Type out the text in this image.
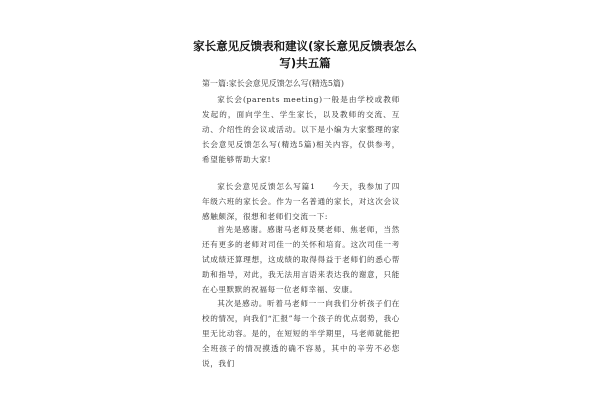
家长意见反馈表和建议(家长意见反馈表怎么写)共五篇

第一篇:家长会意见反馈怎么写(精选5篇)

家长会(parents meeting)一般是由学校或教师发起的，面向学生、学生家长，以及教师的交流、互动、介绍性的会议或活动。以下是小编为大家整理的家长会意见反馈怎么写(精选5篇)相关内容，仅供参考，希望能够帮助大家!

家长会意见反馈怎么写篇1　　今天，我参加了四年级六班的家长会。作为一名普通的家长，对这次会议感触颇深，很想和老师们交流一下:

首先是感谢。感谢马老师及樊老师、焦老师，当然还有更多的老师对司佳一的关怀和培育。这次司佳一考试成绩还算理想，这成绩的取得得益于老师们的悉心帮助和指导，对此，我无法用言语来表达我的谢意，只能在心里默默的祝福每一位老师幸福、安康。

其次是感动。听着马老师一一向我们分析孩子们在校的情况，向我们“汇报”每一个孩子的优点弱势，我心里无比动容。是的，在短短的半学期里，马老师就能把全班孩子的情况摸透的确不容易，其中的辛劳不必您说，我们
